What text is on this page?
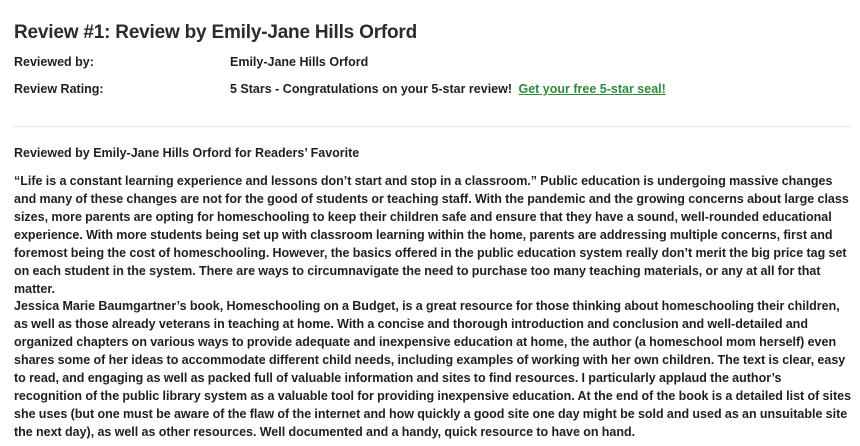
Review #1: Review by Emily-Jane Hills Orford
Reviewed by:	Emily-Jane Hills Orford
Review Rating:	5 Stars - Congratulations on your 5-star review! Get your free 5-star seal!
Reviewed by Emily-Jane Hills Orford for Readers’ Favorite

“Life is a constant learning experience and lessons don’t start and stop in a classroom.” Public education is undergoing massive changes and many of these changes are not for the good of students or teaching staff. With the pandemic and the growing concerns about large class sizes, more parents are opting for homeschooling to keep their children safe and ensure that they have a sound, well-rounded educational experience. With more students being set up with classroom learning within the home, parents are addressing multiple concerns, first and foremost being the cost of homeschooling. However, the basics offered in the public education system really don’t merit the big price tag set on each student in the system. There are ways to circumnavigate the need to purchase too many teaching materials, or any at all for that matter.

Jessica Marie Baumgartner’s book, Homeschooling on a Budget, is a great resource for those thinking about homeschooling their children, as well as those already veterans in teaching at home. With a concise and thorough introduction and conclusion and well-detailed and organized chapters on various ways to provide adequate and inexpensive education at home, the author (a homeschool mom herself) even shares some of her ideas to accommodate different child needs, including examples of working with her own children. The text is clear, easy to read, and engaging as well as packed full of valuable information and sites to find resources. I particularly applaud the author’s recognition of the public library system as a valuable tool for providing inexpensive education. At the end of the book is a detailed list of sites she uses (but one must be aware of the flaw of the internet and how quickly a good site one day might be sold and used as an unsuitable site the next day), as well as other resources. Well documented and a handy, quick resource to have on hand.
